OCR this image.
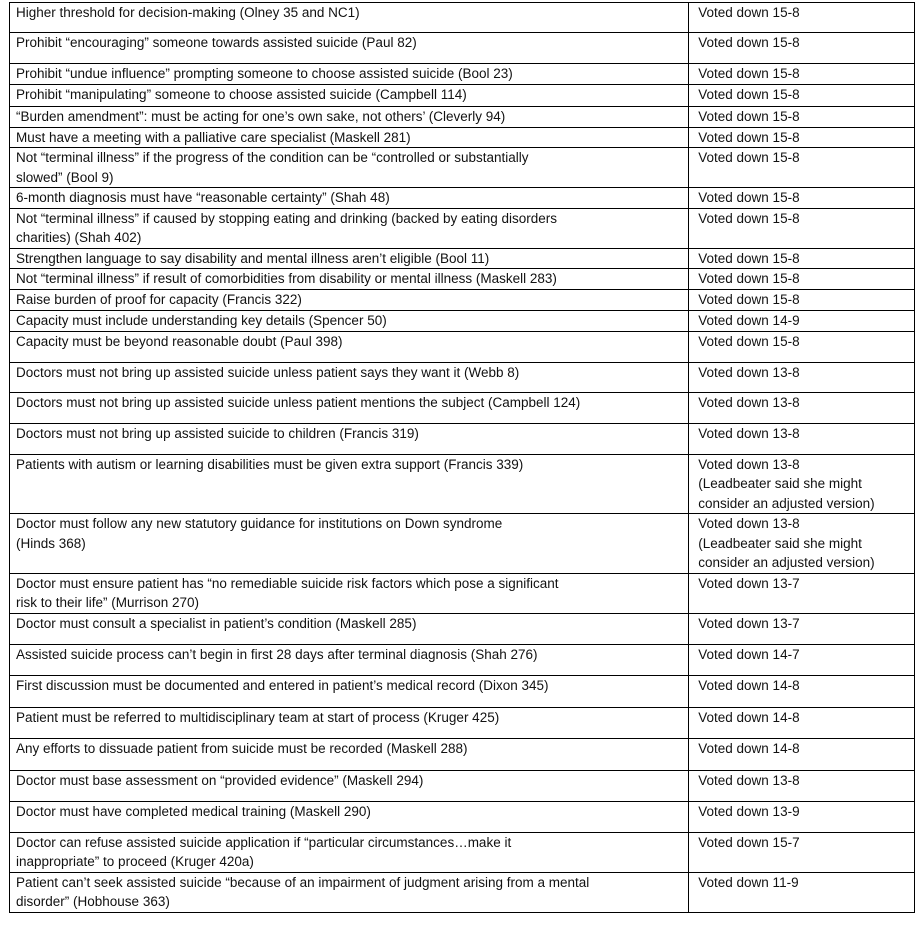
Higher threshold for decision-making (Olney 35 and NC1)	Voted down 15-8

Prohibit “encouraging” someone towards assisted suicide (Paul 82)	Voted down 15-8

Prohibit “undue influence” prompting someone to choose assisted suicide (Bool 23)	Voted down 15-8

Prohibit “manipulating” someone to choose assisted suicide (Campbell 114)	Voted down 15-8

“Burden amendment”: must be acting for one’s own sake, not others’ (Cleverly 94)	Voted down 15-8

Must have a meeting with a palliative care specialist (Maskell 281)	Voted down 15-8

Not “terminal illness” if the progress of the condition can be “controlled or substantially
slowed” (Bool 9)	Voted down 15-8

6-month diagnosis must have “reasonable certainty” (Shah 48)	Voted down 15-8

Not “terminal illness” if caused by stopping eating and drinking (backed by eating disorders
charities) (Shah 402)	Voted down 15-8

Strengthen language to say disability and mental illness aren’t eligible (Bool 11)	Voted down 15-8

Not “terminal illness” if result of comorbidities from disability or mental illness (Maskell 283)	Voted down 15-8

Raise burden of proof for capacity (Francis 322)	Voted down 15-8

Capacity must include understanding key details (Spencer 50)	Voted down 14-9

Capacity must be beyond reasonable doubt (Paul 398)	Voted down 15-8

Doctors must not bring up assisted suicide unless patient says they want it (Webb 8)	Voted down 13-8

Doctors must not bring up assisted suicide unless patient mentions the subject (Campbell 124)	Voted down 13-8

Doctors must not bring up assisted suicide to children (Francis 319)	Voted down 13-8

Patients with autism or learning disabilities must be given extra support (Francis 339)	Voted down 13-8
(Leadbeater said she might
consider an adjusted version)

Doctor must follow any new statutory guidance for institutions on Down syndrome
(Hinds 368)	Voted down 13-8
(Leadbeater said she might
consider an adjusted version)

Doctor must ensure patient has “no remediable suicide risk factors which pose a significant
risk to their life” (Murrison 270)	Voted down 13-7

Doctor must consult a specialist in patient’s condition (Maskell 285)	Voted down 13-7

Assisted suicide process can’t begin in first 28 days after terminal diagnosis (Shah 276)	Voted down 14-7

First discussion must be documented and entered in patient’s medical record (Dixon 345)	Voted down 14-8

Patient must be referred to multidisciplinary team at start of process (Kruger 425)	Voted down 14-8

Any efforts to dissuade patient from suicide must be recorded (Maskell 288)	Voted down 14-8

Doctor must base assessment on “provided evidence” (Maskell 294)	Voted down 13-8

Doctor must have completed medical training (Maskell 290)	Voted down 13-9

Doctor can refuse assisted suicide application if “particular circumstances…make it
inappropriate” to proceed (Kruger 420a)	Voted down 15-7

Patient can’t seek assisted suicide “because of an impairment of judgment arising from a mental
disorder” (Hobhouse 363)	Voted down 11-9
